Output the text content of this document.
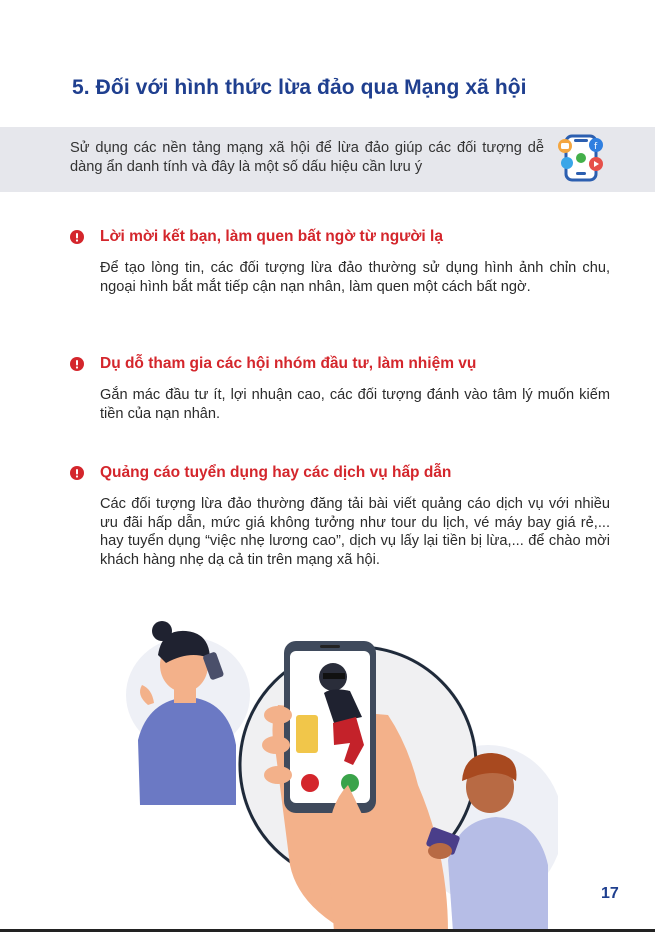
5. Đối với hình thức lừa đảo qua Mạng xã hội
Sử dụng các nền tảng mạng xã hội để lừa đảo giúp các đối tượng dễ dàng ẩn danh tính và đây là một số dấu hiệu cần lưu ý
f
Lời mời kết bạn, làm quen bất ngờ từ người lạ
Để tạo lòng tin, các đối tượng lừa đảo thường sử dụng hình ảnh chỉn chu, ngoại hình bắt mắt tiếp cận nạn nhân, làm quen một cách bất ngờ.
Dụ dỗ tham gia các hội nhóm đầu tư, làm nhiệm vụ
Gắn mác đầu tư ít, lợi nhuận cao, các đối tượng đánh vào tâm lý muốn kiếm tiền của nạn nhân.
Quảng cáo tuyển dụng hay các dịch vụ hấp dẫn
Các đối tượng lừa đảo thường đăng tải bài viết quảng cáo dịch vụ với nhiều ưu đãi hấp dẫn, mức giá không tưởng như tour du lịch, vé máy bay giá rẻ,... hay tuyển dụng “việc nhẹ lương cao”, dịch vụ lấy lại tiền bị lừa,... để chào mời khách hàng nhẹ dạ cả tin trên mạng xã hội.
17
